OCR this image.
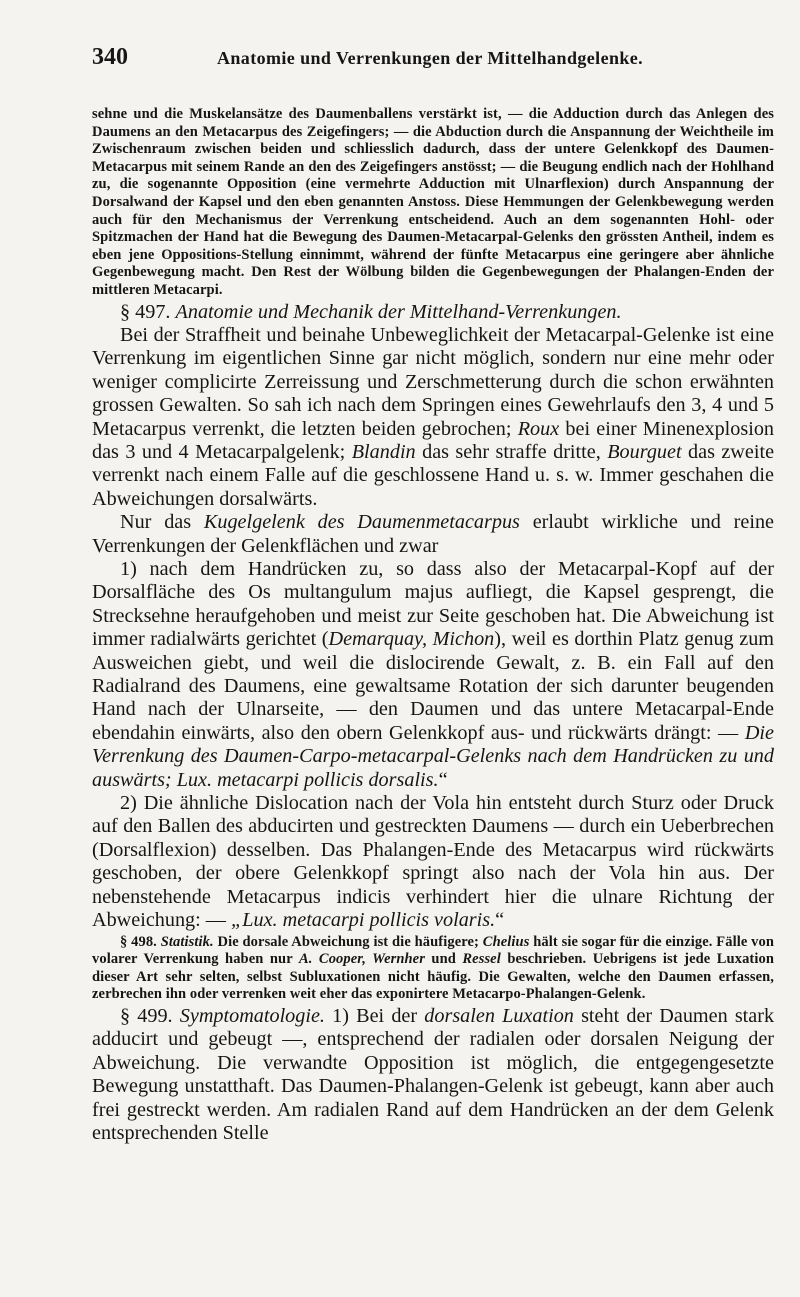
340	Anatomie und Verrenkungen der Mittelhandgelenke.

sehne und die Muskelansätze des Daumenballens verstärkt ist, — die Adduction durch das Anlegen des Daumens an den Metacarpus des Zeigefingers; — die Abduction durch die Anspannung der Weichtheile im Zwischenraum zwischen beiden und schliesslich dadurch, dass der untere Gelenkkopf des Daumen-Metacarpus mit seinem Rande an den des Zeigefingers anstösst; — die Beugung endlich nach der Hohlhand zu, die sogenannte Opposition (eine vermehrte Adduction mit Ulnarflexion) durch Anspannung der Dorsalwand der Kapsel und den eben genannten Anstoss. Diese Hemmungen der Gelenkbewegung werden auch für den Mechanismus der Verrenkung entscheidend. Auch an dem sogenannten Hohl- oder Spitzmachen der Hand hat die Bewegung des Daumen-Metacarpal-Gelenks den grössten Antheil, indem es eben jene Oppositions-Stellung einnimmt, während der fünfte Metacarpus eine geringere aber ähnliche Gegenbewegung macht. Den Rest der Wölbung bilden die Gegenbewegungen der Phalangen-Enden der mittleren Metacarpi.

§ 497. Anatomie und Mechanik der Mittelhand-Verrenkungen.

Bei der Straffheit und beinahe Unbeweglichkeit der Metacarpal-Gelenke ist eine Verrenkung im eigentlichen Sinne gar nicht möglich, sondern nur eine mehr oder weniger complicirte Zerreissung und Zerschmetterung durch die schon erwähnten grossen Gewalten. So sah ich nach dem Springen eines Gewehrlaufs den 3, 4 und 5 Metacarpus verrenkt, die letzten beiden gebrochen; Roux bei einer Minenexplosion das 3 und 4 Metacarpalgelenk; Blandin das sehr straffe dritte, Bourguet das zweite verrenkt nach einem Falle auf die geschlossene Hand u. s. w. Immer geschahen die Abweichungen dorsalwärts.

Nur das Kugelgelenk des Daumenmetacarpus erlaubt wirkliche und reine Verrenkungen der Gelenkflächen und zwar

1) nach dem Handrücken zu, so dass also der Metacarpal-Kopf auf der Dorsalfläche des Os multangulum majus aufliegt, die Kapsel gesprengt, die Strecksehne heraufgehoben und meist zur Seite geschoben hat. Die Abweichung ist immer radialwärts gerichtet (Demarquay, Michon), weil es dorthin Platz genug zum Ausweichen giebt, und weil die dislocirende Gewalt, z. B. ein Fall auf den Radialrand des Daumens, eine gewaltsame Rotation der sich darunter beugenden Hand nach der Ulnarseite, — den Daumen und das untere Metacarpal-Ende ebendahin einwärts, also den obern Gelenkkopf aus- und rückwärts drängt: — Die Verrenkung des Daumen-Carpo-metacarpal-Gelenks nach dem Handrücken zu und auswärts; Lux. metacarpi pollicis dorsalis.“

2) Die ähnliche Dislocation nach der Vola hin entsteht durch Sturz oder Druck auf den Ballen des abducirten und gestreckten Daumens — durch ein Ueberbrechen (Dorsalflexion) desselben. Das Phalangen-Ende des Metacarpus wird rückwärts geschoben, der obere Gelenkkopf springt also nach der Vola hin aus. Der nebenstehende Metacarpus indicis verhindert hier die ulnare Richtung der Abweichung: — „Lux. metacarpi pollicis volaris.“

§ 498. Statistik. Die dorsale Abweichung ist die häufigere; Chelius hält sie sogar für die einzige. Fälle von volarer Verrenkung haben nur A. Cooper, Wernher und Ressel beschrieben. Uebrigens ist jede Luxation dieser Art sehr selten, selbst Subluxationen nicht häufig. Die Gewalten, welche den Daumen erfassen, zerbrechen ihn oder verrenken weit eher das exponirtere Metacarpo-Phalangen-Gelenk.

§ 499. Symptomatologie. 1) Bei der dorsalen Luxation steht der Daumen stark adducirt und gebeugt —, entsprechend der radialen oder dorsalen Neigung der Abweichung. Die verwandte Opposition ist möglich, die entgegengesetzte Bewegung unstatthaft. Das Daumen-Phalangen-Gelenk ist gebeugt, kann aber auch frei gestreckt werden. Am radialen Rand auf dem Handrücken an der dem Gelenk entsprechenden Stelle
